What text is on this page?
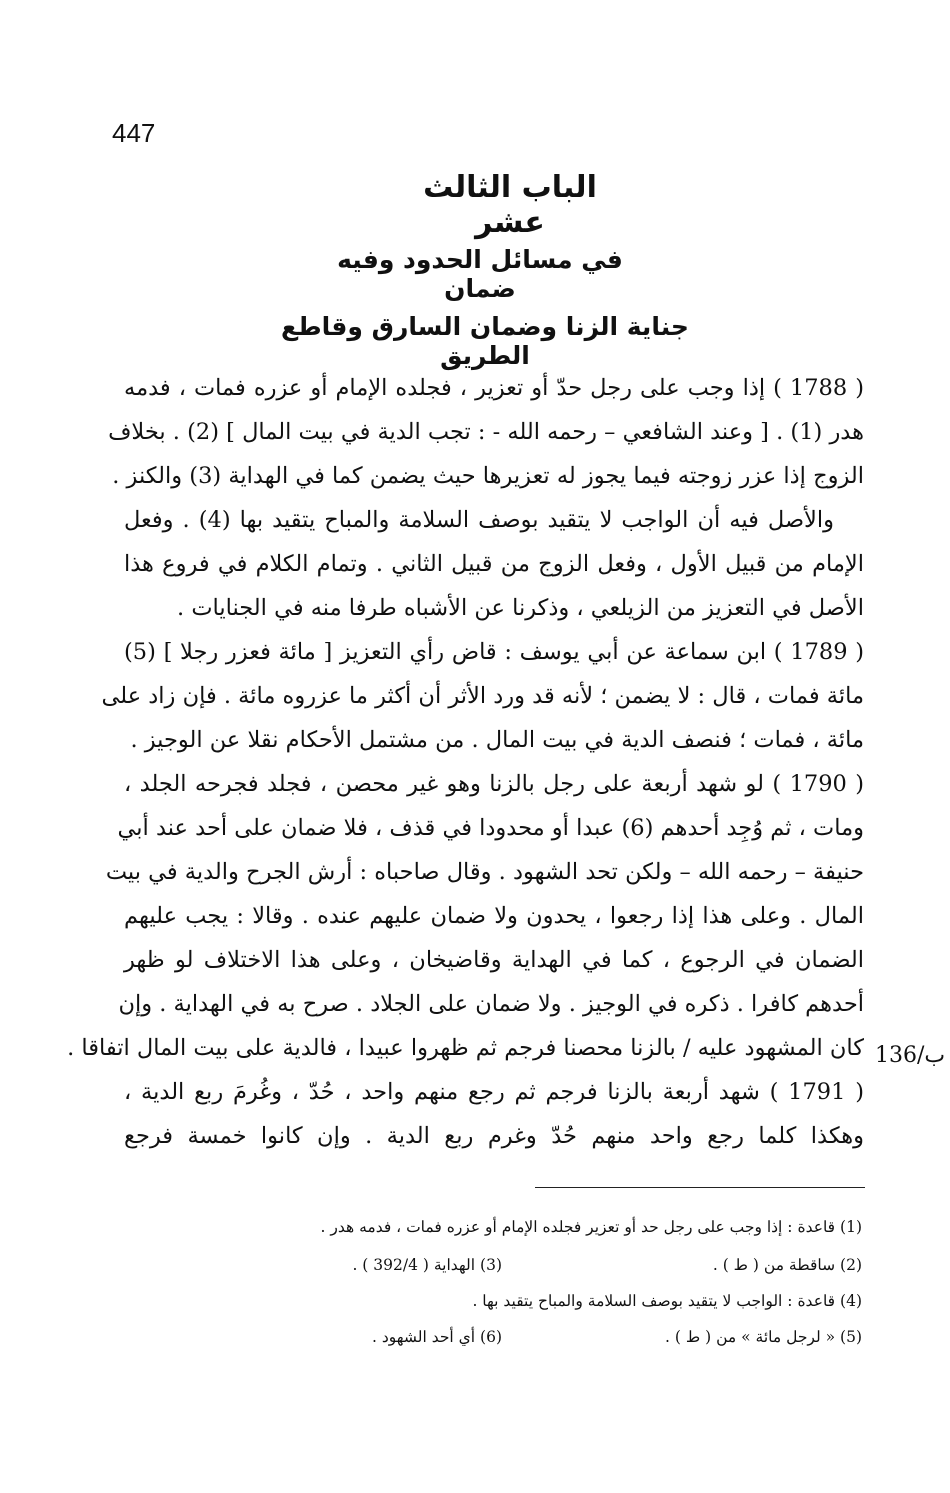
447
الباب الثالث عشر
في مسائل الحدود وفيه ضمان
جناية الزنا وضمان السارق وقاطع الطريق
( 1788 ) إذا وجب على رجل حدّ أو تعزير ، فجلده الإمام أو عزره فمات ، فدمه
هدر (1) . [ وعند الشافعي – رحمه الله - : تجب الدية في بيت المال ] (2) . بخلاف
الزوج إذا عزر زوجته فيما يجوز له تعزيرها حيث يضمن كما في الهداية (3) والكنز .
والأصل فيه أن الواجب لا يتقيد بوصف السلامة والمباح يتقيد بها (4) . وفعل
الإمام من قبيل الأول ، وفعل الزوج من قبيل الثاني . وتمام الكلام في فروع هذا
الأصل في التعزيز من الزيلعي ، وذكرنا عن الأشباه طرفا منه في الجنايات .
( 1789 ) ابن سماعة عن أبي يوسف : قاض رأي التعزيز [ مائة فعزر رجلا ] (5)
مائة فمات ، قال : لا يضمن ؛ لأنه قد ورد الأثر أن أكثر ما عزروه مائة . فإن زاد على
مائة ، فمات ؛ فنصف الدية في بيت المال . من مشتمل الأحكام نقلا عن الوجيز .
( 1790 ) لو شهد أربعة على رجل بالزنا وهو غير محصن ، فجلد فجرحه الجلد ،
ومات ، ثم وُجِد أحدهم (6) عبدا أو محدودا في قذف ، فلا ضمان على أحد عند أبي
حنيفة – رحمه الله – ولكن تحد الشهود . وقال صاحباه : أرش الجرح والدية في بيت
المال . وعلى هذا إذا رجعوا ، يحدون ولا ضمان عليهم عنده . وقالا : يجب عليهم
الضمان في الرجوع ، كما في الهداية وقاضيخان ، وعلى هذا الاختلاف لو ظهر
أحدهم كافرا . ذكره في الوجيز . ولا ضمان على الجلاد . صرح به في الهداية . وإن
كان المشهود عليه / بالزنا محصنا فرجم ثم ظهروا عبيدا ، فالدية على بيت المال اتفاقا .
( 1791 ) شهد أربعة بالزنا فرجم ثم رجع منهم واحد ، حُدّ ، وغُرمَ ربع الدية ،
وهكذا كلما رجع واحد منهم حُدّ وغرم ربع الدية . وإن كانوا خمسة فرجع
136/ب
(1) قاعدة : إذا وجب على رجل حد أو تعزير فجلده الإمام أو عزره فمات ، فدمه هدر .
(2) ساقطة من ( ط ) .
(3) الهداية ( 392/4 ) .
(4) قاعدة : الواجب لا يتقيد بوصف السلامة والمباح يتقيد بها .
(5) « لرجل مائة » من ( ط ) .
(6) أي أحد الشهود .
